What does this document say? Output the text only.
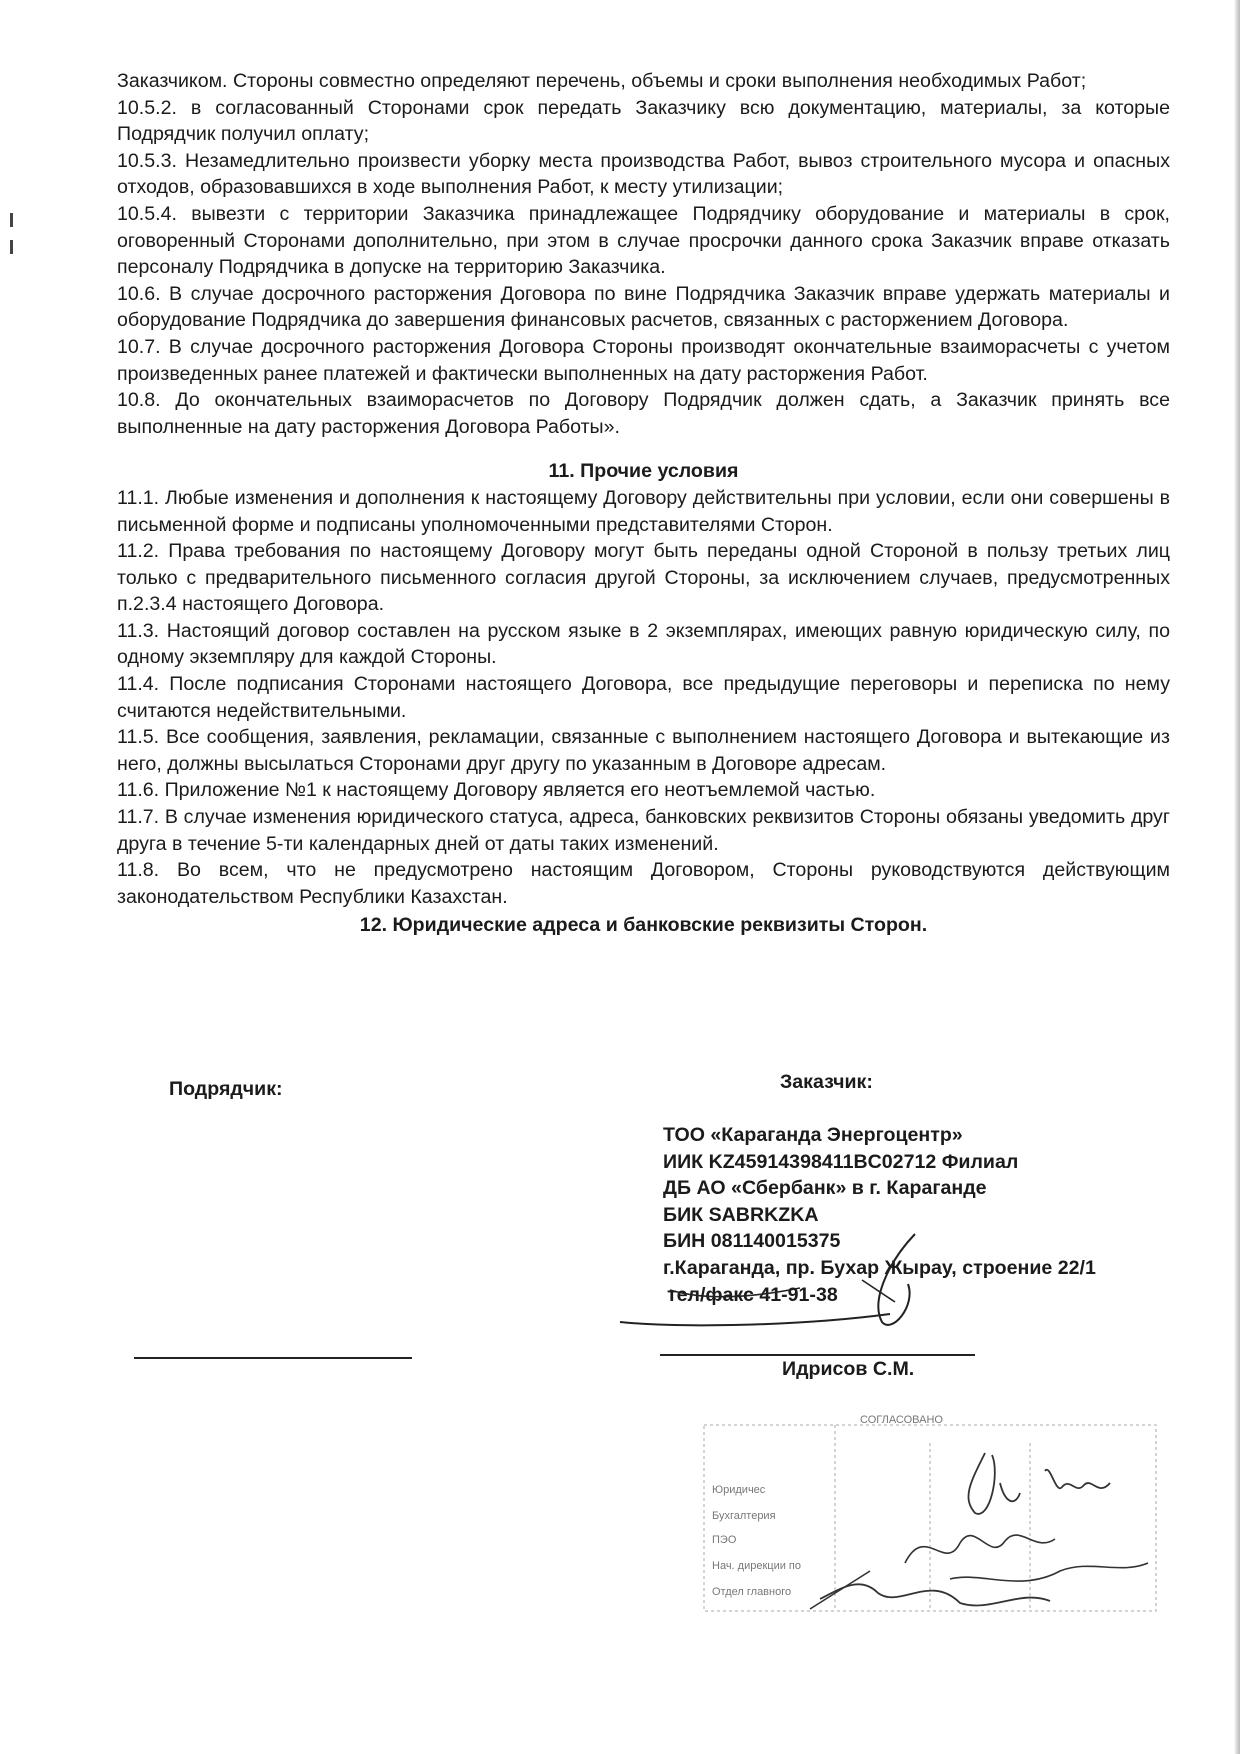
Заказчиком. Стороны совместно определяют перечень, объемы и сроки выполнения необходимых Работ;

10.5.2. в согласованный Сторонами срок передать Заказчику всю документацию, материалы, за которые Подрядчик получил оплату;

10.5.3. Незамедлительно произвести уборку места производства Работ, вывоз строительного мусора и опасных отходов, образовавшихся в ходе выполнения Работ, к месту утилизации;

10.5.4. вывезти с территории Заказчика принадлежащее Подрядчику оборудование и материалы в срок, оговоренный Сторонами дополнительно, при этом в случае просрочки данного срока Заказчик вправе отказать персоналу Подрядчика в допуске на территорию Заказчика.

10.6. В случае досрочного расторжения Договора по вине Подрядчика Заказчик вправе удержать материалы и оборудование Подрядчика до завершения финансовых расчетов, связанных с расторжением Договора.

10.7. В случае досрочного расторжения Договора Стороны производят окончательные взаиморасчеты с учетом произведенных ранее платежей и фактически выполненных на дату расторжения Работ.

10.8. До окончательных взаиморасчетов по Договору Подрядчик должен сдать, а Заказчик принять все выполненные на дату расторжения Договора Работы».

11. Прочие условия

11.1. Любые изменения и дополнения к настоящему Договору действительны при условии, если они совершены в письменной форме и подписаны уполномоченными представителями Сторон.

11.2. Права требования по настоящему Договору могут быть переданы одной Стороной в пользу третьих лиц только с предварительного письменного согласия другой Стороны, за исключением случаев, предусмотренных п.2.3.4 настоящего Договора.

11.3. Настоящий договор составлен на русском языке в 2 экземплярах, имеющих равную юридическую силу, по одному экземпляру для каждой Стороны.

11.4. После подписания Сторонами настоящего Договора, все предыдущие переговоры и переписка по нему считаются недействительными.

11.5. Все сообщения, заявления, рекламации, связанные с выполнением настоящего Договора и вытекающие из него, должны высылаться Сторонами друг другу по указанным в Договоре адресам.

11.6. Приложение №1 к настоящему Договору является его неотъемлемой частью.

11.7. В случае изменения юридического статуса, адреса, банковских реквизитов Стороны обязаны уведомить друг друга в течение 5-ти календарных дней от даты таких изменений.

11.8. Во всем, что не предусмотрено настоящим Договором, Стороны руководствуются действующим законодательством Республики Казахстан.

12. Юридические адреса и банковские реквизиты Сторон.

Подрядчик:	Заказчик:
ТОО «Караганда Энергоцентр»
ИИК KZ45914398411BC02712 Филиал
ДБ АО «Сбербанк» в г. Караганде
БИК SABRKZKA
БИН 081140015375
г.Караганда, пр. Бухар Жырау, строение 22/1
тел/факс 41-91-38
Идрисов С.М.
СОГЛАСОВАНО
Юридичес
Бухгалтерия
ПЭО
Нач. дирекции по
Отдел главного
